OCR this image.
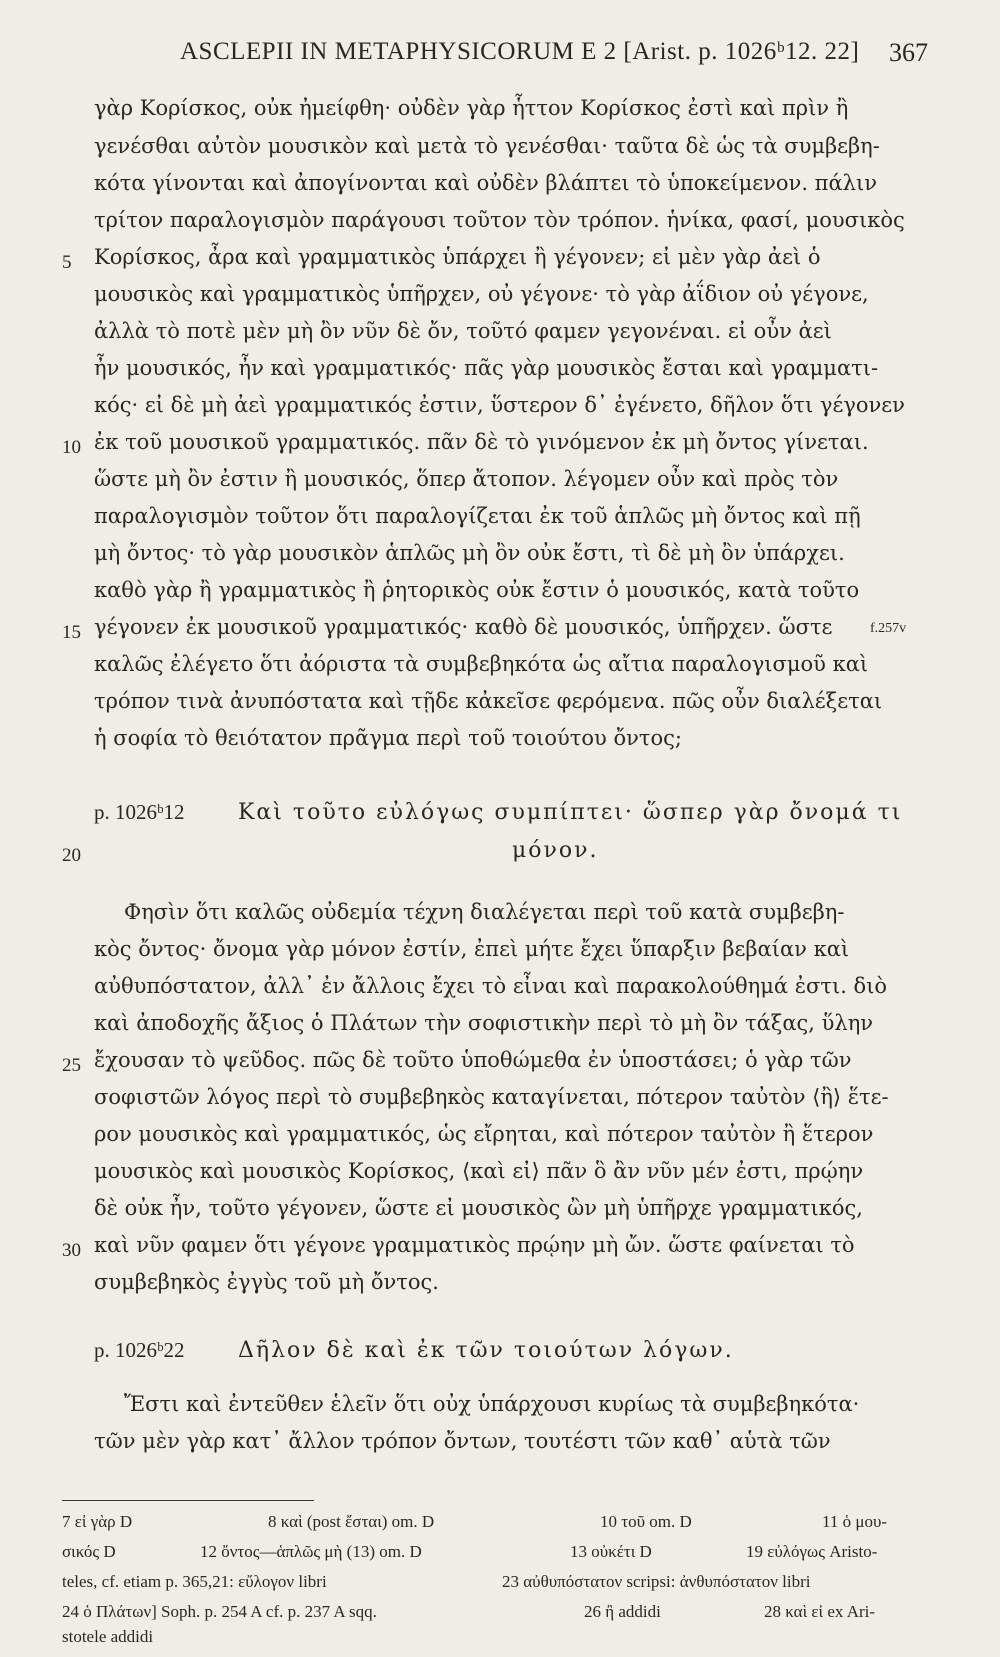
ASCLEPII IN METAPHYSICORUM E 2 [Arist. p. 1026ᵇ12. 22] 367
γὰρ Κορίσκος, οὐκ ἠμείφθη· οὐδὲν γὰρ ἧττον Κορίσκος ἐστὶ καὶ πρὶν ἢ
γενέσθαι αὐτὸν μουσικὸν καὶ μετὰ τὸ γενέσθαι· ταῦτα δὲ ὡς τὰ συμβεβη-
κότα γίνονται καὶ ἀπογίνονται καὶ οὐδὲν βλάπτει τὸ ὑποκείμενον. πάλιν
τρίτον παραλογισμὸν παράγουσι τοῦτον τὸν τρόπον. ἡνίκα, φασί, μουσικὸς
5	Κορίσκος, ἆρα καὶ γραμματικὸς ὑπάρχει ἢ γέγονεν; εἰ μὲν γὰρ ἀεὶ ὁ
μουσικὸς καὶ γραμματικὸς ὑπῆρχεν, οὐ γέγονε· τὸ γὰρ ἀΐδιον οὐ γέγονε,
ἀλλὰ τὸ ποτὲ μὲν μὴ ὂν νῦν δὲ ὄν, τοῦτό φαμεν γεγονέναι. εἰ οὖν ἀεὶ
ἦν μουσικός, ἦν καὶ γραμματικός· πᾶς γὰρ μουσικὸς ἔσται καὶ γραμματι-
κός· εἰ δὲ μὴ ἀεὶ γραμματικός ἐστιν, ὕστερον δ᾽ ἐγένετο, δῆλον ὅτι γέγονεν
10 ἐκ τοῦ μουσικοῦ γραμματικός. πᾶν δὲ τὸ γινόμενον ἐκ μὴ ὄντος γίνεται.
ὥστε μὴ ὂν ἐστιν ἢ μουσικός, ὅπερ ἄτοπον. λέγομεν οὖν καὶ πρὸς τὸν
παραλογισμὸν τοῦτον ὅτι παραλογίζεται ἐκ τοῦ ἁπλῶς μὴ ὄντος καὶ πῇ
μὴ ὄντος· τὸ γὰρ μουσικὸν ἁπλῶς μὴ ὂν οὐκ ἔστι, τὶ δὲ μὴ ὂν ὑπάρχει.
καθὸ γὰρ ἢ γραμματικὸς ἢ ῥητορικὸς οὐκ ἔστιν ὁ μουσικός, κατὰ τοῦτο
15 γέγονεν ἐκ μουσικοῦ γραμματικός· καθὸ δὲ μουσικός, ὑπῆρχεν. ὥστε	f.257v
καλῶς ἐλέγετο ὅτι ἀόριστα τὰ συμβεβηκότα ὡς αἴτια παραλογισμοῦ καὶ
τρόπον τινὰ ἀνυπόστατα καὶ τῇδε κἀκεῖσε φερόμενα. πῶς οὖν διαλέξεται
ἡ σοφία τὸ θειότατον πρᾶγμα περὶ τοῦ τοιούτου ὄντος;
p. 1026ᵇ12 Καὶ τοῦτο εὐλόγως συμπίπτει· ὥσπερ γὰρ ὄνομά τι
20	μόνον.
Φησὶν ὅτι καλῶς οὐδεμία τέχνη διαλέγεται περὶ τοῦ κατὰ συμβεβη-
κὸς ὄντος· ὄνομα γὰρ μόνον ἐστίν, ἐπεὶ μήτε ἔχει ὕπαρξιν βεβαίαν καὶ
αὐθυπόστατον, ἀλλ᾽ ἐν ἄλλοις ἔχει τὸ εἶναι καὶ παρακολούθημά ἐστι. διὸ
καὶ ἀποδοχῆς ἄξιος ὁ Πλάτων τὴν σοφιστικὴν περὶ τὸ μὴ ὂν τάξας, ὕλην
25 ἔχουσαν τὸ ψεῦδος. πῶς δὲ τοῦτο ὑποθώμεθα ἐν ὑποστάσει; ὁ γὰρ τῶν
σοφιστῶν λόγος περὶ τὸ συμβεβηκὸς καταγίνεται, πότερον ταὐτὸν ⟨ἢ⟩ ἕτε-
ρον μουσικὸς καὶ γραμματικός, ὡς εἴρηται, καὶ πότερον ταὐτὸν ἢ ἕτερον
μουσικὸς καὶ μουσικὸς Κορίσκος, ⟨καὶ εἰ⟩ πᾶν ὃ ἂν νῦν μέν ἐστι, πρῴην
δὲ οὐκ ἦν, τοῦτο γέγονεν, ὥστε εἰ μουσικὸς ὢν μὴ ὑπῆρχε γραμματικός,
30 καὶ νῦν φαμεν ὅτι γέγονε γραμματικὸς πρῴην μὴ ὤν. ὥστε φαίνεται τὸ
συμβεβηκὸς ἐγγὺς τοῦ μὴ ὄντος.
p. 1026ᵇ22 Δῆλον δὲ καὶ ἐκ τῶν τοιούτων λόγων.
Ἔστι καὶ ἐντεῦθεν ἑλεῖν ὅτι οὐχ ὑπάρχουσι κυρίως τὰ συμβεβηκότα·
τῶν μὲν γὰρ κατ᾽ ἄλλον τρόπον ὄντων, τουτέστι τῶν καθ᾽ αὑτὰ τῶν
7 εἰ γὰρ D	8 καὶ (post ἔσται) om. D	10 τοῦ om. D	11 ὁ μου-
σικός D	12 ὄντος—ἁπλῶς μὴ (13) om. D	13 οὐκέτι D	19 εὐλόγως Aristo-
teles, cf. etiam p. 365,21: εὔλογον libri	23 αὐθυπόστατον scripsi: ἀνθυπόστατον libri
24 ὁ Πλάτων] Soph. p. 254 A cf. p. 237 A sqq.	26 ἢ addidi	28 καὶ εἰ ex Ari-
stotele addidi
